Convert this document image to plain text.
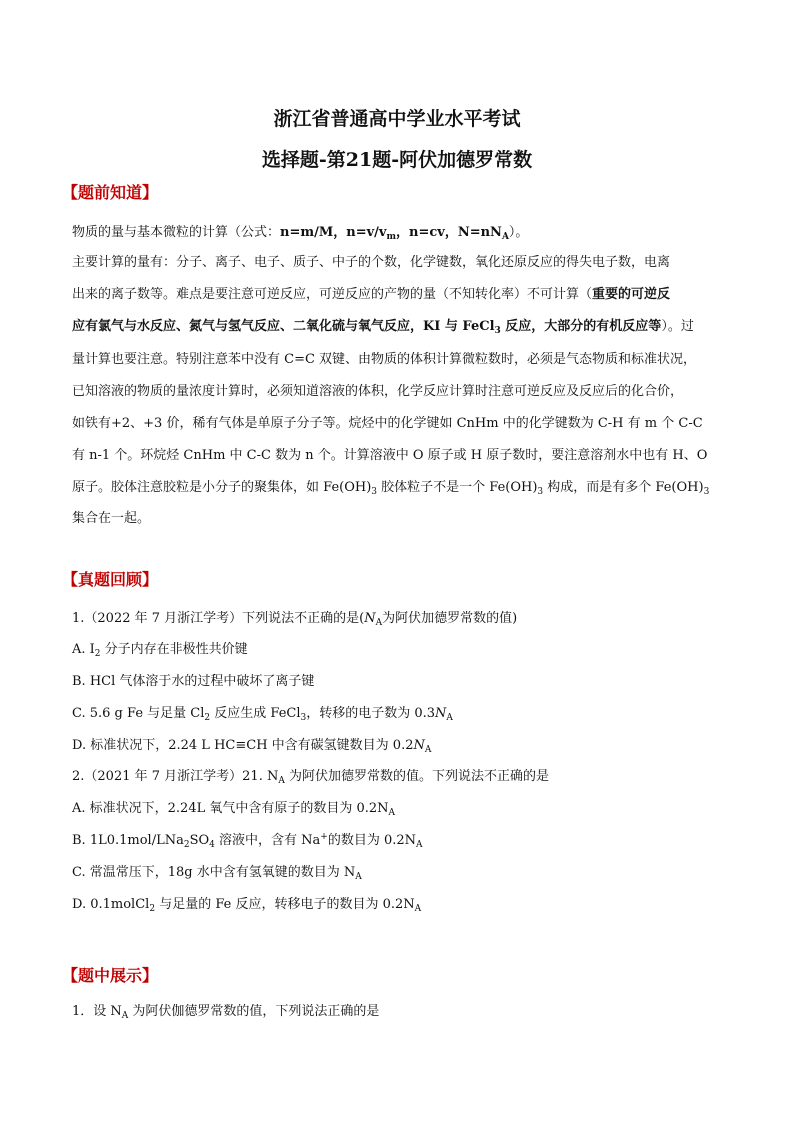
浙江省普通高中学业水平考试
选择题-第21题-阿伏加德罗常数
【题前知道】
物质的量与基本微粒的计算（公式：n=m/M，$n=v/v_m$，n=cv，$N=nN_A$）。
主要计算的量有：分子、离子、电子、质子、中子的个数，化学键数，氧化还原反应的得失电子数，电离
出来的离子数等。难点是要注意可逆反应，可逆反应的产物的量（不知转化率）不可计算（重要的可逆反
应有氯气与水反应、氮气与氢气反应、二氧化硫与氧气反应，KI 与 FeCl$_3$ 反应，大部分的有机反应等）。过
量计算也要注意。特别注意苯中没有 C=C 双键、由物质的体积计算微粒数时，必须是气态物质和标准状况，
已知溶液的物质的量浓度计算时，必须知道溶液的体积，化学反应计算时注意可逆反应及反应后的化合价，
如铁有+2、+3 价，稀有气体是单原子分子等。烷烃中的化学键如 CnHm 中的化学键数为 C-H 有 m 个 C-C
有 n-1 个。环烷烃 CnHm 中 C-C 数为 n 个。计算溶液中 O 原子或 H 原子数时，要注意溶剂水中也有 H、O
原子。胶体注意胶粒是小分子的聚集体，如 $Fe(OH)_3$ 胶体粒子不是一个 $Fe(OH)_3$ 构成，而是有多个 $Fe(OH)_3$
集合在一起。
【真题回顾】
1.（2022 年 7 月浙江学考）下列说法不正确的是($N_A$为阿伏加德罗常数的值)
A. $I_2$ 分子内存在非极性共价键
B. HCl 气体溶于水的过程中破坏了离子键
C. 5.6 g Fe 与足量 $Cl_2$ 反应生成 FeCl$_3$，转移的电子数为 $0.3N_A$
D. 标准状况下，2.24 L HC≡CH 中含有碳氢键数目为 $0.2N_A$
2.（2021 年 7 月浙江学考）21. $N_A$ 为阿伏加德罗常数的值。下列说法不正确的是
A. 标准状况下，2.24L 氧气中含有原子的数目为 $0.2N_A$
B. $1L0.1mol/LNa_2SO_4$ 溶液中，含有 Na+的数目为 $0.2N_A$
C. 常温常压下，18g 水中含有氢氧键的数目为 $N_A$
D. 0.1molCl$_2$ 与足量的 Fe 反应，转移电子的数目为 $0.2N_A$
【题中展示】
1．设 $N_A$ 为阿伏伽德罗常数的值，下列说法正确的是
